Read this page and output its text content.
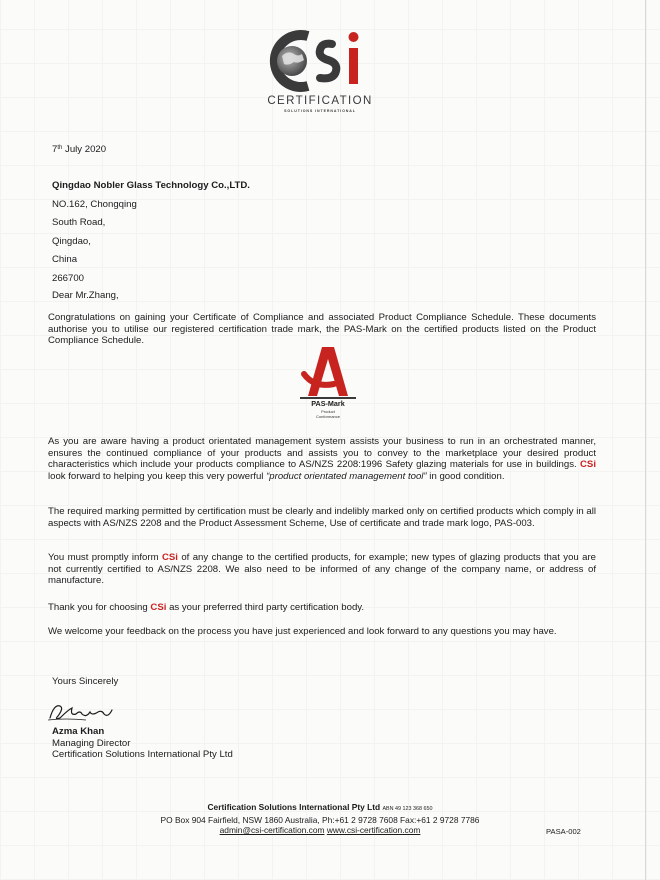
CERTIFICATION
SOLUTIONS INTERNATIONAL
7th July 2020
Qingdao Nobler Glass Technology Co.,LTD.
NO.162, Chongqing
South Road,
Qingdao,
China
266700
Dear Mr.Zhang,

Congratulations on gaining your Certificate of Compliance and associated Product Compliance Schedule. These documents authorise you to utilise our registered certification trade mark, the PAS-Mark on the certified products listed on the Product Compliance Schedule.

PAS-Mark
Product
Conformance

As you are aware having a product orientated management system assists your business to run in an orchestrated manner, ensures the continued compliance of your products and assists you to convey to the marketplace your desired product characteristics which include your products compliance to AS/NZS 2208:1996 Safety glazing materials for use in buildings. CSi look forward to helping you keep this very powerful “product orientated management tool” in good condition.

The required marking permitted by certification must be clearly and indelibly marked only on certified products which comply in all aspects with AS/NZS 2208 and the Product Assessment Scheme, Use of certificate and trade mark logo, PAS-003.

You must promptly inform CSi of any change to the certified products, for example; new types of glazing products that you are not currently certified to AS/NZS 2208. We also need to be informed of any change of the company name, or address of manufacture.

Thank you for choosing CSi as your preferred third party certification body.

We welcome your feedback on the process you have just experienced and look forward to any questions you may have.

Yours Sincerely
Azma Khan
Managing Director
Certification Solutions International Pty Ltd
Certification Solutions International Pty Ltd ABN 49 123 368 650
PO Box 904 Fairfield, NSW 1860 Australia, Ph:+61 2 9728 7608 Fax:+61 2 9728 7786
admin@csi-certification.com www.csi-certification.com	PASA-002
